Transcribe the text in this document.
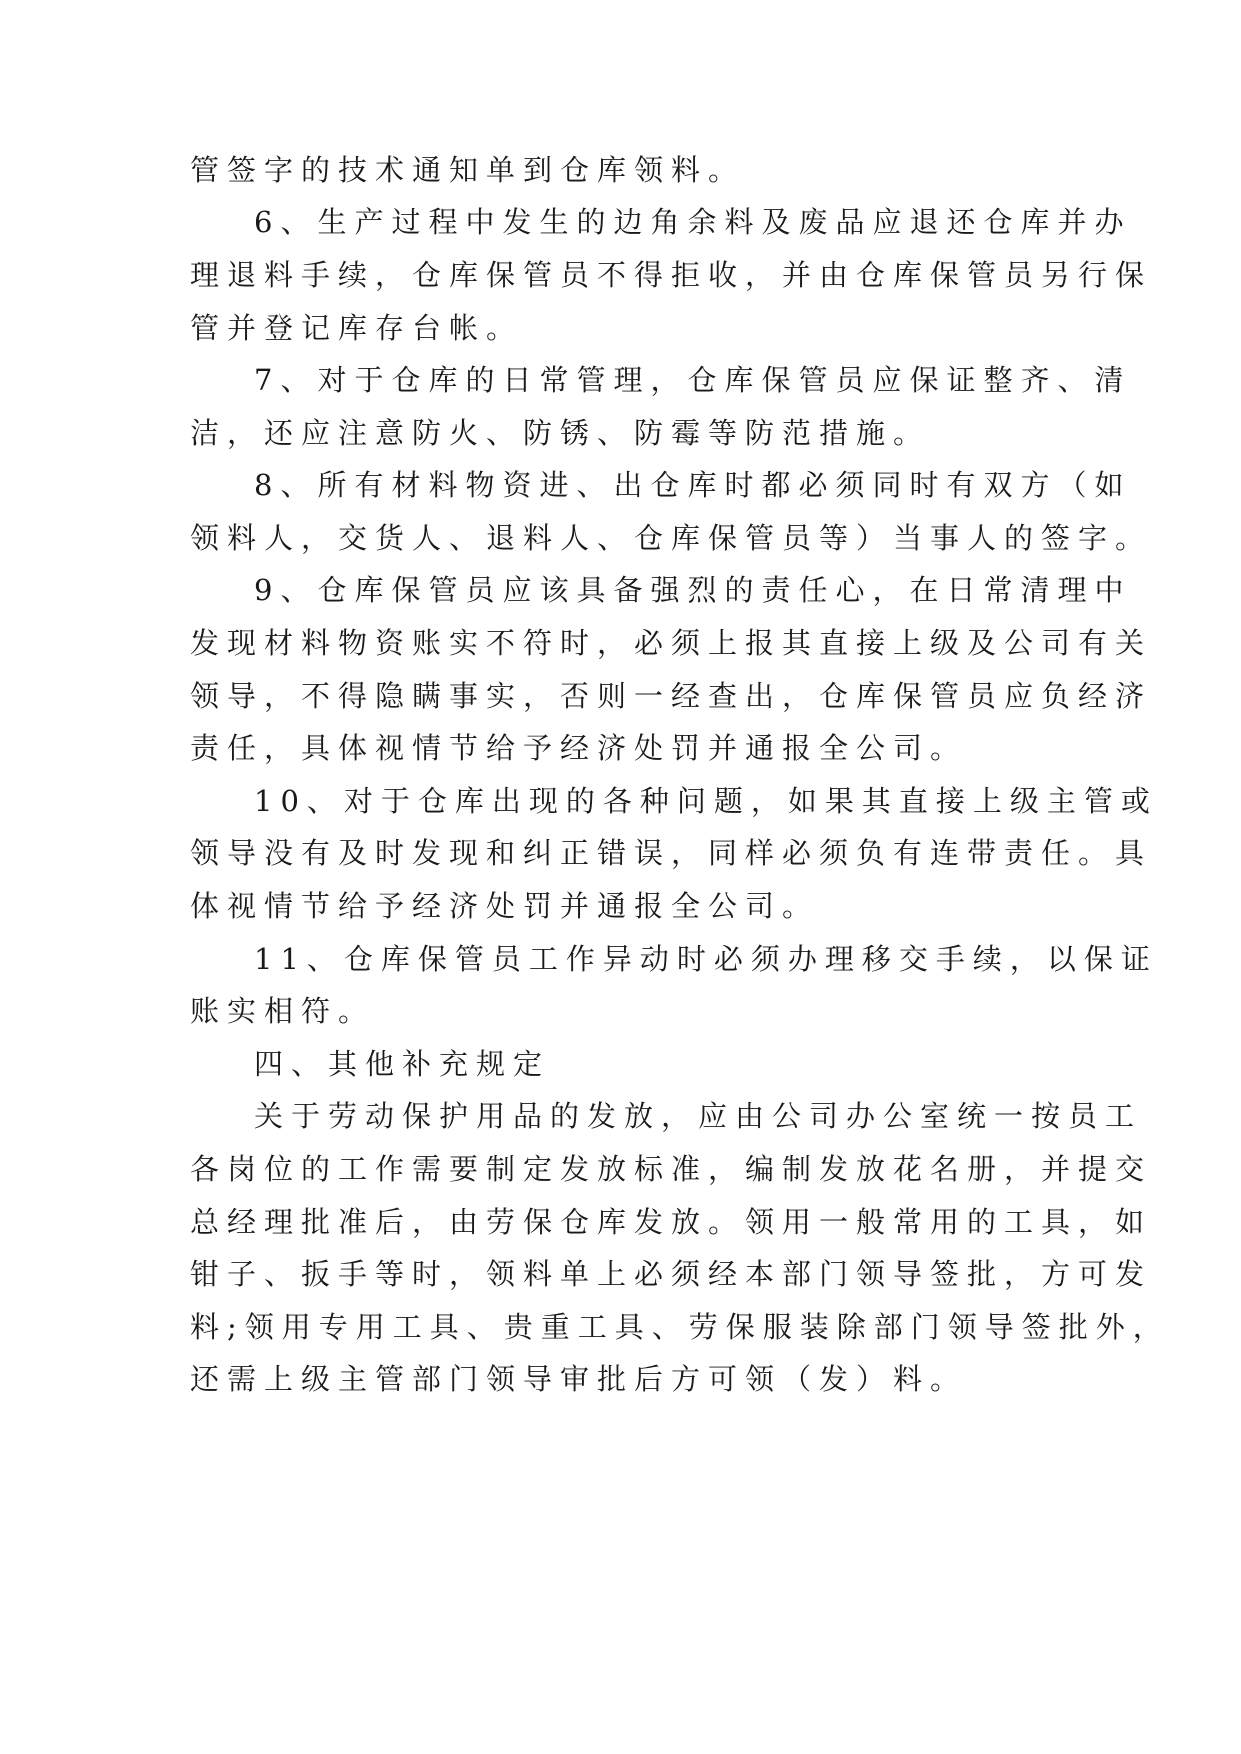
管签字的技术通知单到仓库领料。
6、生产过程中发生的边角余料及废品应退还仓库并办
理退料手续，仓库保管员不得拒收，并由仓库保管员另行保
管并登记库存台帐。
7、对于仓库的日常管理，仓库保管员应保证整齐、清
洁，还应注意防火、防锈、防霉等防范措施。
8、所有材料物资进、出仓库时都必须同时有双方（如
领料人，交货人、退料人、仓库保管员等）当事人的签字。
9、仓库保管员应该具备强烈的责任心，在日常清理中
发现材料物资账实不符时，必须上报其直接上级及公司有关
领导，不得隐瞒事实，否则一经查出，仓库保管员应负经济
责任，具体视情节给予经济处罚并通报全公司。
10、对于仓库出现的各种问题，如果其直接上级主管或
领导没有及时发现和纠正错误，同样必须负有连带责任。具
体视情节给予经济处罚并通报全公司。
11、仓库保管员工作异动时必须办理移交手续，以保证
账实相符。
四、其他补充规定
关于劳动保护用品的发放，应由公司办公室统一按员工
各岗位的工作需要制定发放标准，编制发放花名册，并提交
总经理批准后，由劳保仓库发放。领用一般常用的工具，如
钳子、扳手等时，领料单上必须经本部门领导签批，方可发
料;领用专用工具、贵重工具、劳保服装除部门领导签批外，
还需上级主管部门领导审批后方可领（发）料。
